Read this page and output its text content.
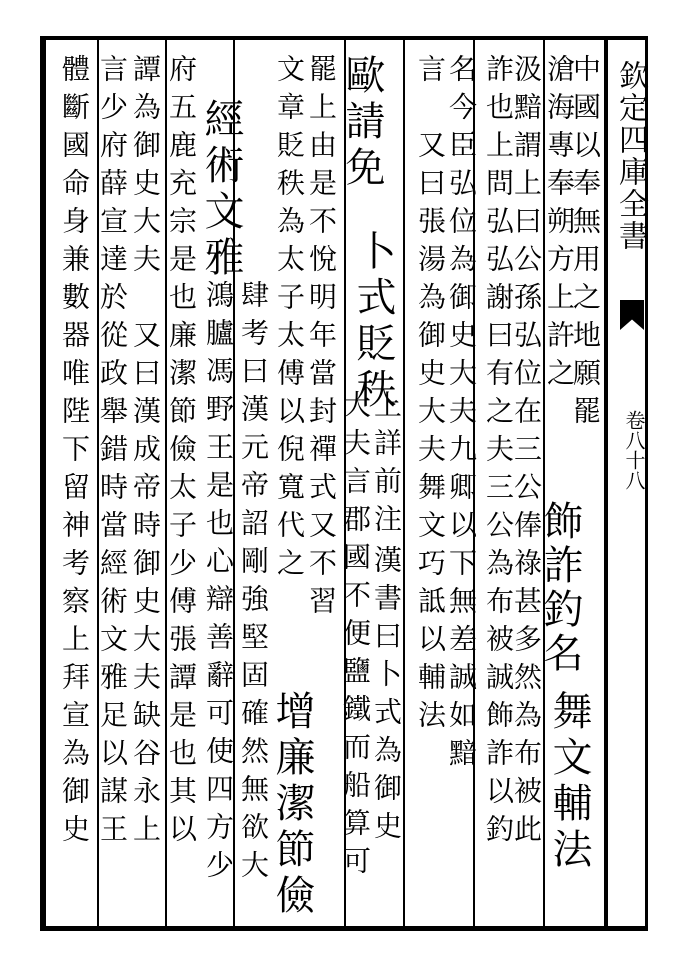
欽定四庫全書
卷八十八
中國以奉無用之地願罷
滄海專奉朔方上許之
汲黯謂上曰公孫弘位在三公俸祿甚多然為布被此
詐也上問弘弘謝曰有之夫三公為布被誠飾詐以釣 飾詐釣名
名今臣弘位為御史大夫九卿以下無差誠如黯
言　又曰張湯為御史大夫舞文巧詆以輔法
舞文輔法
歐請免
卜式貶秩
上詳前注
大夫言郡國不便鹽鐵而船算可
漢書曰卜式為御史
罷上由是不悅明年當封禪式又不習
文章貶秩為太子太傅以倪寬代之
增廉潔節儉
經術文雅
肆考曰漢元帝詔剛強堅固確然無欲大
鴻臚馮野王是也心辯善辭可使四方少
府五鹿充宗是也廉潔節儉太子少傅張譚是也其以
譚為御史大夫　又曰漢成帝時御史大夫缺谷永上
言少府薛宣達於從政舉錯時當經術文雅足以謀王
體斷國命身兼數器唯陛下留神考察上拜宣為御史
